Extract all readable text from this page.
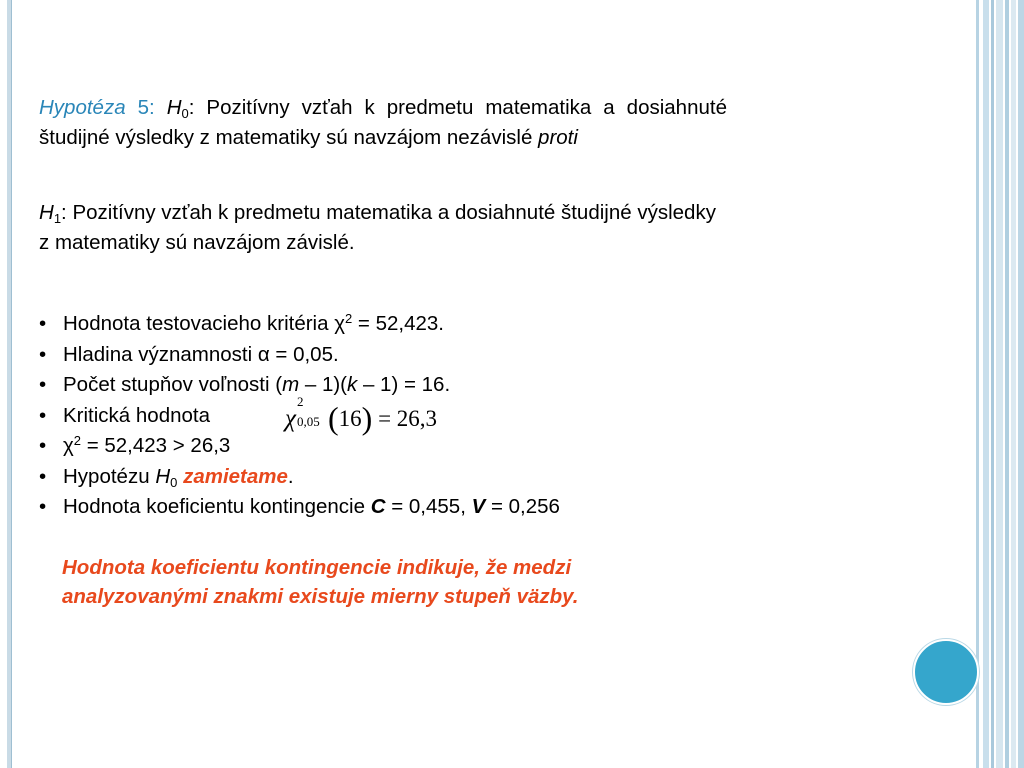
Hypotéza 5: $H_0$: Pozitívny vzťah k predmetu matematika a dosiahnuté študijné výsledky z matematiky sú navzájom nezávislé proti
$H_1$: Pozitívny vzťah k predmetu matematika a dosiahnuté študijné výsledky z matematiky sú navzájom závislé.
• Hodnota testovacieho kritéria $\chi^2 = 52,423$.
• Hladina významnosti α = 0,05.
• Počet stupňov voľnosti (m – 1)(k – 1) = 16.
• Kritická hodnota
• $\chi^2 = 52,423 > 26,3$
• Hypotézu $H_0$ zamietame.
• Hodnota koeficientu kontingencie C = 0,455, V = 0,256
χ
2
0,05 (16) = 26,3
Hodnota koeficientu kontingencie indikuje, že medzi analyzovanými znakmi existuje mierny stupeň väzby.
